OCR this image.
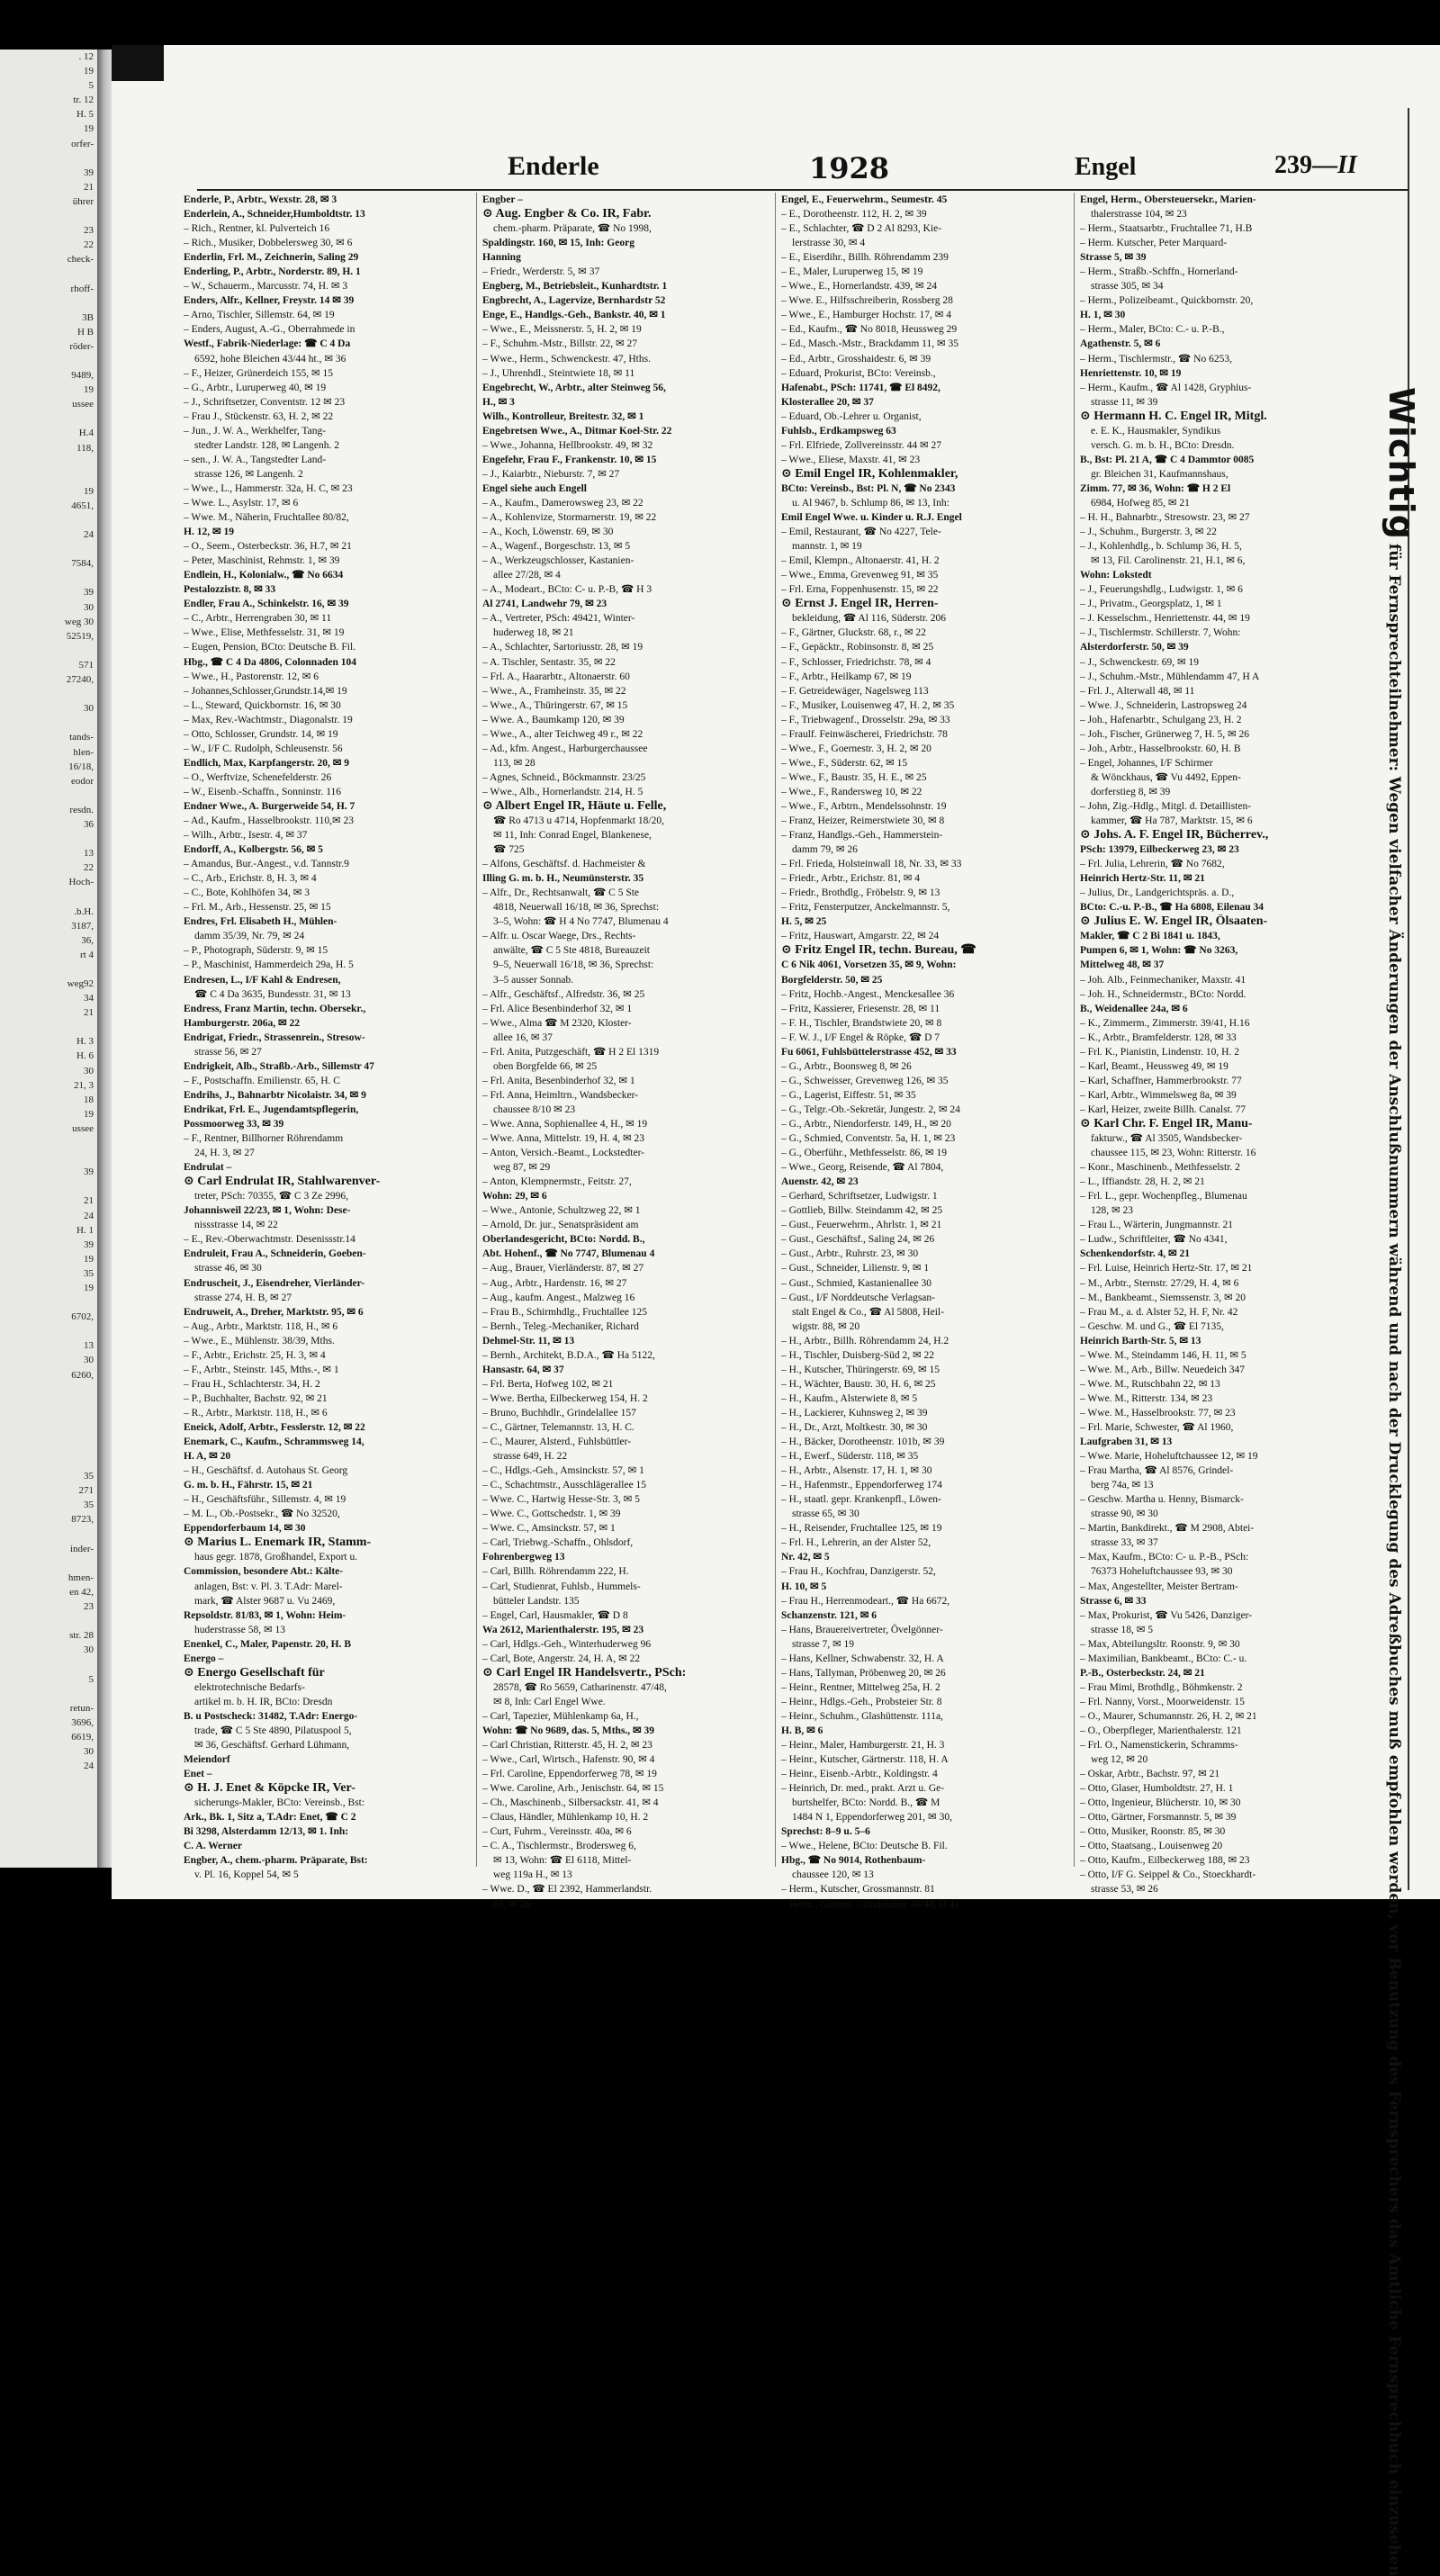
. 12
19
5
tr. 12
H. 5
19
orfer-

39
21
ührer

23
22
check-

rhoff-

3B
H B
röder-

9489,
19
ussee

H.4
118,

19
4651,

24

7584,

39
30
weg 30
52519,

571
27240,

30

tands-
hlen-
16/18,
eodor

resdn.
36

13
22
Hoch-

.b.H.
3187,
36,
rt 4

weg92
34
21

H. 3
H. 6
30
21, 3
18
19
ussee

39

21
24
H. 1
39
19
35
19

6702,

13
30
6260,

35
271
35
8723,

inder-

hmen-
en 42,
23

str. 28
30

5

retun-
3696,
6619,
30
24
Enderle	1928	Engel	239—II
Enderle, P., Arbtr., Wexstr. 28, ✉ 3
Enderlein, A., Schneider,Humboldtstr. 13
– Rich., Rentner, kl. Pulverteich 16
– Rich., Musiker, Dobbelersweg 30, ✉ 6
Enderlin, Frl. M., Zeichnerin, Saling 29
Enderling, P., Arbtr., Norderstr. 89, H. 1
– W., Schauerm., Marcusstr. 74, H. ✉ 3
Enders, Alfr., Kellner, Freystr. 14 ✉ 39
– Arno, Tischler, Sillemstr. 64, ✉ 19
– Enders, August, A.-G., Oberrahmede in
Westf., Fabrik-Niederlage: ☎ C 4 Da
6592, hohe Bleichen 43/44 ht., ✉ 36
– F., Heizer, Grünerdeich 155, ✉ 15
– G., Arbtr., Luruperweg 40, ✉ 19
– J., Schriftsetzer, Conventstr. 12 ✉ 23
– Frau J., Stückenstr. 63, H. 2, ✉ 22
– Jun., J. W. A., Werkhelfer, Tang-
stedter Landstr. 128, ✉ Langenh. 2
– sen., J. W. A., Tangstedter Land-
strasse 126, ✉ Langenh. 2
– Wwe., L., Hammerstr. 32a, H. C, ✉ 23
– Wwe. L., Asylstr. 17, ✉ 6
– Wwe. M., Näherin, Fruchtallee 80/82,
H. 12, ✉ 19
– O., Seem., Osterbeckstr. 36, H.7, ✉ 21
– Peter, Maschinist, Rehmstr. 1, ✉ 39
Endlein, H., Kolonialw., ☎ No 6634
Pestalozzistr. 8, ✉ 33
Endler, Frau A., Schinkelstr. 16, ✉ 39
– C., Arbtr., Herrengraben 30, ✉ 11
– Wwe., Elise, Methfesselstr. 31, ✉ 19
– Eugen, Pension, BCto: Deutsche B. Fil.
Hbg., ☎ C 4 Da 4806, Colonnaden 104
– Wwe., H., Pastorenstr. 12, ✉ 6
– Johannes,Schlosser,Grundstr.14,✉ 19
– L., Steward, Quickbornstr. 16, ✉ 30
– Max, Rev.-Wachtmstr., Diagonalstr. 19
– Otto, Schlosser, Grundstr. 14, ✉ 19
– W., I/F C. Rudolph, Schleusenstr. 56
Endlich, Max, Karpfangerstr. 20, ✉ 9
– O., Werftvize, Schenefelderstr. 26
– W., Eisenb.-Schaffn., Sonninstr. 116
Endner Wwe., A. Burgerweide 54, H. 7
– Ad., Kaufm., Hasselbrookstr. 110,✉ 23
– Wilh., Arbtr., Isestr. 4, ✉ 37
Endorff, A., Kolbergstr. 56, ✉ 5
– Amandus, Bur.-Angest., v.d. Tannstr.9
– C., Arb., Erichstr. 8, H. 3, ✉ 4
– C., Bote, Kohlhöfen 34, ✉ 3
– Frl. M., Arb., Hessenstr. 25, ✉ 15
Endres, Frl. Elisabeth H., Mühlen-
damm 35/39, Nr. 79, ✉ 24
– P., Photograph, Süderstr. 9, ✉ 15
– P., Maschinist, Hammerdeich 29a, H. 5
Endresen, L., I/F Kahl & Endresen,
☎ C 4 Da 3635, Bundesstr. 31, ✉ 13
Endress, Franz Martin, techn. Obersekr.,
Hamburgerstr. 206a, ✉ 22
Endrigat, Friedr., Strassenrein., Stresow-
strasse 56, ✉ 27
Endrigkeit, Alb., Straßb.-Arb., Sillemstr 47
– F., Postschaffn. Emilienstr. 65, H. C
Endrihs, J., Bahnarbtr Nicolaistr. 34, ✉ 9
Endrikat, Frl. E., Jugendamtspflegerin,
Possmoorweg 33, ✉ 39
– F., Rentner, Billhorner Röhrendamm
24, H. 3, ✉ 27
Endrulat –
⊙ Carl Endrulat IR, Stahlwarenver-
treter, PSch: 70355, ☎ C 3 Ze 2996,
Johannisweil 22/23, ✉ 1, Wohn: Dese-
nissstrasse 14, ✉ 22
– E., Rev.-Oberwachtmstr. Desenissstr.14
Endruleit, Frau A., Schneiderin, Goeben-
strasse 46, ✉ 30
Endruscheit, J., Eisendreher, Vierländer-
strasse 274, H. B, ✉ 27
Endruweit, A., Dreher, Marktstr. 95, ✉ 6
– Aug., Arbtr., Marktstr. 118, H., ✉ 6
– Wwe., E., Mühlenstr. 38/39, Mths.
– F., Arbtr., Erichstr. 25, H. 3, ✉ 4
– F., Arbtr., Steinstr. 145, Mths.-, ✉ 1
– Frau H., Schlachterstr. 34, H. 2
– P., Buchhalter, Bachstr. 92, ✉ 21
– R., Arbtr., Marktstr. 118, H., ✉ 6
Eneick, Adolf, Arbtr., Fesslerstr. 12, ✉ 22
Enemark, C., Kaufm., Schrammsweg 14,
H. A, ✉ 20
– H., Geschäftsf. d. Autohaus St. Georg
G. m. b. H., Fährstr. 15, ✉ 21
– H., Geschäftsführ., Sillemstr. 4, ✉ 19
– M. L., Ob.-Postsekr., ☎ No 32520,
Eppendorferbaum 14, ✉ 30
⊙ Marius L. Enemark IR, Stamm-
haus gegr. 1878, Großhandel, Export u.
Commission, besondere Abt.: Kälte-
anlagen, Bst: v. Pl. 3. T.Adr: Marel-
mark, ☎ Alster 9687 u. Vu 2469,
Repsoldstr. 81/83, ✉ 1, Wohn: Heim-
huderstrasse 58, ✉ 13
Enenkel, C., Maler, Papenstr. 20, H. B
Energo –
⊙ Energo Gesellschaft für
elektrotechnische Bedarfs-
artikel m. b. H. IR, BCto: Dresdn
B. u Postscheck: 31482, T.Adr: Energo-
trade, ☎ C 5 Ste 4890, Pilatuspool 5,
✉ 36, Geschäftsf. Gerhard Lühmann,
Meiendorf
Enet –
⊙ H. J. Enet & Köpcke IR, Ver-
sicherungs-Makler, BCto: Vereinsb., Bst:
Ark., Bk. 1, Sitz a, T.Adr: Enet, ☎ C 2
Bi 3298, Alsterdamm 12/13, ✉ 1. Inh:
C. A. Werner
Engber, A., chem.-pharm. Präparate, Bst:
v. Pl. 16, Koppel 54, ✉ 5
Engber –
⊙ Aug. Engber & Co. IR, Fabr.
chem.-pharm. Präparate, ☎ No 1998,
Spaldingstr. 160, ✉ 15, Inh: Georg
Hanning
– Friedr., Werderstr. 5, ✉ 37
Engberg, M., Betriebsleit., Kunhardtstr. 1
Engbrecht, A., Lagervize, Bernhardstr 52
Enge, E., Handlgs.-Geh., Bankstr. 40, ✉ 1
– Wwe., E., Meissnerstr. 5, H. 2, ✉ 19
– F., Schuhm.-Mstr., Billstr. 22, ✉ 27
– Wwe., Herm., Schwenckestr. 47, Hths.
– J., Uhrenhdl., Steintwiete 18, ✉ 11
Engebrecht, W., Arbtr., alter Steinweg 56,
H., ✉ 3
Wilh., Kontrolleur, Breitestr. 32, ✉ 1
Engebretsen Wwe., A., Ditmar Koel-Str. 22
– Wwe., Johanna, Hellbrookstr. 49, ✉ 32
Engefehr, Frau F., Frankenstr. 10, ✉ 15
– J., Kaiarbtr., Nieburstr. 7, ✉ 27
Engel siehe auch Engell
– A., Kaufm., Damerowsweg 23, ✉ 22
– A., Kohlenvize, Stormarnerstr. 19, ✉ 22
– A., Koch, Löwenstr. 69, ✉ 30
– A., Wagenf., Borgeschstr. 13, ✉ 5
– A., Werkzeugschlosser, Kastanien-
allee 27/28, ✉ 4
– A., Modeart., BCto: C- u. P.-B, ☎ H 3
Al 2741, Landwehr 79, ✉ 23
– A., Vertreter, PSch: 49421, Winter-
huderweg 18, ✉ 21
– A., Schlachter, Sartoriusstr. 28, ✉ 19
– A. Tischler, Sentastr. 35, ✉ 22
– Frl. A., Haararbtr., Altonaerstr. 60
– Wwe., A., Framheinstr. 35, ✉ 22
– Wwe., A., Thüringerstr. 67, ✉ 15
– Wwe. A., Baumkamp 120, ✉ 39
– Wwe., A., alter Teichweg 49 r., ✉ 22
– Ad., kfm. Angest., Harburgerchaussee
113, ✉ 28
– Agnes, Schneid., Böckmannstr. 23/25
– Wwe., Alb., Hornerlandstr. 214, H. 5
⊙ Albert Engel IR, Häute u. Felle,
☎ Ro 4713 u 4714, Hopfenmarkt 18/20,
✉ 11, Inh: Conrad Engel, Blankenese,
☎ 725
– Alfons, Geschäftsf. d. Hachmeister &
Illing G. m. b. H., Neumünsterstr. 35
– Alfr., Dr., Rechtsanwalt, ☎ C 5 Ste
4818, Neuerwall 16/18, ✉ 36, Sprechst:
3–5, Wohn: ☎ H 4 No 7747, Blumenau 4
– Alfr. u. Oscar Waege, Drs., Rechts-
anwälte, ☎ C 5 Ste 4818, Bureauzeit
9–5, Neuerwall 16/18, ✉ 36, Sprechst:
3–5 ausser Sonnab.
– Alfr., Geschäftsf., Alfredstr. 36, ✉ 25
– Frl. Alice Besenbinderhof 32, ✉ 1
– Wwe., Alma ☎ M 2320, Kloster-
allee 16, ✉ 37
– Frl. Anita, Putzgeschäft, ☎ H 2 El 1319
oben Borgfelde 66, ✉ 25
– Frl. Anita, Besenbinderhof 32, ✉ 1
– Frl. Anna, Heimltrn., Wandsbecker-
chaussee 8/10 ✉ 23
– Wwe. Anna, Sophienallee 4, H., ✉ 19
– Wwe. Anna, Mittelstr. 19, H. 4, ✉ 23
– Anton, Versich.-Beamt., Lockstedter-
weg 87, ✉ 29
– Anton, Klempnermstr., Feitstr. 27,
Wohn: 29, ✉ 6
– Wwe., Antonie, Schultzweg 22, ✉ 1
– Arnold, Dr. jur., Senatspräsident am
Oberlandesgericht, BCto: Nordd. B.,
Abt. Hohenf., ☎ No 7747, Blumenau 4
– Aug., Brauer, Vierländerstr. 87, ✉ 27
– Aug., Arbtr., Hardenstr. 16, ✉ 27
– Aug., kaufm. Angest., Malzweg 16
– Frau B., Schirmhdlg., Fruchtallee 125
– Bernh., Teleg.-Mechaniker, Richard
Dehmel-Str. 11, ✉ 13
– Bernh., Architekt, B.D.A., ☎ Ha 5122,
Hansastr. 64, ✉ 37
– Frl. Berta, Hofweg 102, ✉ 21
– Wwe. Bertha, Eilbeckerweg 154, H. 2
– Bruno, Buchhdlr., Grindelallee 157
– C., Gärtner, Telemannstr. 13, H. C.
– C., Maurer, Alsterd., Fuhlsbüttler-
strasse 649, H. 22
– C., Hdlgs.-Geh., Amsinckstr. 57, ✉ 1
– C., Schachtmstr., Ausschlägerallee 15
– Wwe. C., Hartwig Hesse-Str. 3, ✉ 5
– Wwe. C., Gottschedstr. 1, ✉ 39
– Wwe. C., Amsinckstr. 57, ✉ 1
– Carl, Triebwg.-Schaffn., Ohlsdorf,
Fohrenbergweg 13
– Carl, Billh. Röhrendamm 222, H.
– Carl, Studienrat, Fuhlsb., Hummels-
bütteler Landstr. 135
– Engel, Carl, Hausmakler, ☎ D 8
Wa 2612, Marienthalerstr. 195, ✉ 23
– Carl, Hdlgs.-Geh., Winterhuderweg 96
– Carl, Bote, Angerstr. 24, H. A, ✉ 22
⊙ Carl Engel IR Handelsvertr., PSch:
28578, ☎ Ro 5659, Catharinenstr. 47/48,
✉ 8, Inh: Carl Engel Wwe.
– Carl, Tapezier, Mühlenkamp 6a, H.,
Wohn: ☎ No 9689, das. 5, Mths., ✉ 39
– Carl Christian, Ritterstr. 45, H. 2, ✉ 23
– Wwe., Carl, Wirtsch., Hafenstr. 90, ✉ 4
– Frl. Caroline, Eppendorferweg 78, ✉ 19
– Wwe. Caroline, Arb., Jenischstr. 64, ✉ 15
– Ch., Maschinenb., Silbersackstr. 41, ✉ 4
– Claus, Händler, Mühlenkamp 10, H. 2
– Curt, Fuhrm., Vereinsstr. 40a, ✉ 6
– C. A., Tischlermstr., Brodersweg 6,
✉ 13, Wohn: ☎ El 6118, Mittel-
weg 119a H., ✉ 13
– Wwe. D., ☎ El 2392, Hammerlandstr.
63, ✉ 26
Engel, E., Feuerwehrm., Seumestr. 45
– E., Dorotheenstr. 112, H. 2, ✉ 39
– E., Schlachter, ☎ D 2 Al 8293, Kie-
lerstrasse 30, ✉ 4
– E., Eiserdihr., Billh. Röhrendamm 239
– E., Maler, Luruperweg 15, ✉ 19
– Wwe., E., Hornerlandstr. 439, ✉ 24
– Wwe. E., Hilfsschreiberin, Rossberg 28
– Wwe., E., Hamburger Hochstr. 17, ✉ 4
– Ed., Kaufm., ☎ No 8018, Heussweg 29
– Ed., Masch.-Mstr., Brackdamm 11, ✉ 35
– Ed., Arbtr., Grosshaidestr. 6, ✉ 39
– Eduard, Prokurist, BCto: Vereinsb.,
Hafenabt., PSch: 11741, ☎ El 8492,
Klosterallee 20, ✉ 37
– Eduard, Ob.-Lehrer u. Organist,
Fuhlsb., Erdkampsweg 63
– Frl. Elfriede, Zollvereinsstr. 44 ✉ 27
– Wwe., Eliese, Maxstr. 41, ✉ 23
⊙ Emil Engel IR, Kohlenmakler,
BCto: Vereinsb., Bst: Pl. N, ☎ No 2343
u. Al 9467, b. Schlump 86, ✉ 13, Inh:
Emil Engel Wwe. u. Kinder u. R.J. Engel
– Emil, Restaurant, ☎ No 4227, Tele-
mannstr. 1, ✉ 19
– Emil, Klempn., Altonaerstr. 41, H. 2
– Wwe., Emma, Grevenweg 91, ✉ 35
– Frl. Erna, Foppenhusenstr. 15, ✉ 22
⊙ Ernst J. Engel IR, Herren-
bekleidung, ☎ Al 116, Süderstr. 206
– F., Gärtner, Gluckstr. 68, r., ✉ 22
– F., Gepäcktr., Robinsonstr. 8, ✉ 25
– F., Schlosser, Friedrichstr. 78, ✉ 4
– F., Arbtr., Heilkamp 67, ✉ 19
– F. Getreidewäger, Nagelsweg 113
– F., Musiker, Louisenweg 47, H. 2, ✉ 35
– F., Triebwagenf., Drosselstr. 29a, ✉ 33
– Fraulf. Feinwäscherei, Friedrichstr. 78
– Wwe., F., Goernestr. 3, H. 2, ✉ 20
– Wwe., F., Süderstr. 62, ✉ 15
– Wwe., F., Baustr. 35, H. E., ✉ 25
– Wwe., F., Randersweg 10, ✉ 22
– Wwe., F., Arbtrn., Mendelssohnstr. 19
– Franz, Heizer, Reimerstwiete 30, ✉ 8
– Franz, Handlgs.-Geh., Hammerstein-
damm 79, ✉ 26
– Frl. Frieda, Holsteinwall 18, Nr. 33, ✉ 33
– Friedr., Arbtr., Erichstr. 81, ✉ 4
– Friedr., Brothdlg., Fröbelstr. 9, ✉ 13
– Fritz, Fensterputzer, Anckelmannstr. 5,
H. 5, ✉ 25
– Fritz, Hauswart, Amgarstr. 22, ✉ 24
⊙ Fritz Engel IR, techn. Bureau, ☎
C 6 Nik 4061, Vorsetzen 35, ✉ 9, Wohn:
Borgfelderstr. 50, ✉ 25
– Fritz, Hochb.-Angest., Menckesallee 36
– Fritz, Kassierer, Friesenstr. 28, ✉ 11
– F. H., Tischler, Brandstwiete 20, ✉ 8
– F. W. J., I/F Engel & Röpke, ☎ D 7
Fu 6061, Fuhlsbüttelerstrasse 452, ✉ 33
– G., Arbtr., Boonsweg 8, ✉ 26
– G., Schweisser, Grevenweg 126, ✉ 35
– G., Lagerist, Eiffestr. 51, ✉ 35
– G., Telgr.-Ob.-Sekretär, Jungestr. 2, ✉ 24
– G., Arbtr., Niendorferstr. 149, H., ✉ 20
– G., Schmied, Conventstr. 5a, H. 1, ✉ 23
– G., Oberführ., Methfesselstr. 86, ✉ 19
– Wwe., Georg, Reisende, ☎ Al 7804,
Auenstr. 42, ✉ 23
– Gerhard, Schriftsetzer, Ludwigstr. 1
– Gottlieb, Billw. Steindamm 42, ✉ 25
– Gust., Feuerwehrm., Ahrlstr. 1, ✉ 21
– Gust., Geschäftsf., Saling 24, ✉ 26
– Gust., Arbtr., Ruhrstr. 23, ✉ 30
– Gust., Schneider, Lilienstr. 9, ✉ 1
– Gust., Schmied, Kastanienallee 30
– Gust., I/F Norddeutsche Verlagsan-
stalt Engel & Co., ☎ Al 5808, Heil-
wigstr. 88, ✉ 20
– H., Arbtr., Billh. Röhrendamm 24, H.2
– H., Tischler, Duisberg-Süd 2, ✉ 22
– H., Kutscher, Thüringerstr. 69, ✉ 15
– H., Wächter, Baustr. 30, H. 6, ✉ 25
– H., Kaufm., Alsterwiete 8, ✉ 5
– H., Lackierer, Kuhnsweg 2, ✉ 39
– H., Dr., Arzt, Moltkestr. 30, ✉ 30
– H., Bäcker, Dorotheenstr. 101b, ✉ 39
– H., Ewerf., Süderstr. 118, ✉ 35
– H., Arbtr., Alsenstr. 17, H. 1, ✉ 30
– H., Hafenmstr., Eppendorferweg 174
– H., staatl. gepr. Krankenpfl., Löwen-
strasse 65, ✉ 30
– H., Reisender, Fruchtallee 125, ✉ 19
– Frl. H., Lehrerin, an der Alster 52,
Nr. 42, ✉ 5
– Frau H., Kochfrau, Danzigerstr. 52,
H. 10, ✉ 5
– Frau H., Herrenmodeart., ☎ Ha 6672,
Schanzenstr. 121, ✉ 6
– Hans, Brauereivertreter, Övelgönner-
strasse 7, ✉ 19
– Hans, Kellner, Schwabenstr. 32, H. A
– Hans, Tallyman, Pröbenweg 20, ✉ 26
– Heinr., Rentner, Mittelweg 25a, H. 2
– Heinr., Hdlgs.-Geh., Probsteier Str. 8
– Heinr., Schuhm., Glashüttenstr. 111a,
H. B, ✉ 6
– Heinr., Maler, Hamburgerstr. 21, H. 3
– Heinr., Kutscher, Gärtnerstr. 118, H. A
– Heinr., Eisenb.-Arbtr., Koldingstr. 4
– Heinrich, Dr. med., prakt. Arzt u. Ge-
burtshelfer, BCto: Nordd. B., ☎ M
1484 N 1, Eppendorferweg 201, ✉ 30,
Sprechst: 8–9 u. 5–6
– Wwe., Helene, BCto: Deutsche B. Fil.
Hbg., ☎ No 9014, Rothenbaum-
chaussee 120, ✉ 13
– Herm., Kutscher, Grossmannstr. 81
– Herm., Gärtner, Grindelallee 46/48, H.4a
Engel, Herm., Obersteuersekr., Marien-
thalerstrasse 104, ✉ 23
– Herm., Staatsarbtr., Fruchtallee 71, H.B
– Herm. Kutscher, Peter Marquard-
Strasse 5, ✉ 39
– Herm., Straßb.-Schffn., Hornerland-
strasse 305, ✉ 34
– Herm., Polizeibeamt., Quickbornstr. 20,
H. 1, ✉ 30
– Herm., Maler, BCto: C.- u. P.-B.,
Agathenstr. 5, ✉ 6
– Herm., Tischlermstr., ☎ No 6253,
Henriettenstr. 10, ✉ 19
– Herm., Kaufm., ☎ Al 1428, Gryphius-
strasse 11, ✉ 39
⊙ Hermann H. C. Engel IR, Mitgl.
e. E. K., Hausmakler, Syndikus
versch. G. m. b. H., BCto: Dresdn.
B., Bst: Pl. 21 A, ☎ C 4 Dammtor 0085
gr. Bleichen 31, Kaufmannshaus,
Zimm. 77, ✉ 36, Wohn: ☎ H 2 El
6984, Hofweg 85, ✉ 21
– H. H., Bahnarbtr., Stresowstr. 23, ✉ 27
– J., Schuhm., Burgerstr. 3, ✉ 22
– J., Kohlenhdlg., b. Schlump 36, H. 5,
✉ 13, Fil. Carolinenstr. 21, H.1, ✉ 6,
Wohn: Lokstedt
– J., Feuerungshdlg., Ludwigstr. 1, ✉ 6
– J., Privatm., Georgsplatz, 1, ✉ 1
– J. Kesselschm., Henriettenstr. 44, ✉ 19
– J., Tischlermstr. Schillerstr. 7, Wohn:
Alsterdorferstr. 50, ✉ 39
– J., Schwenckestr. 69, ✉ 19
– J., Schuhm.-Mstr., Mühlendamm 47, H A
– Frl. J., Alterwall 48, ✉ 11
– Wwe. J., Schneiderin, Lastropsweg 24
– Joh., Hafenarbtr., Schulgang 23, H. 2
– Joh., Fischer, Grünerweg 7, H. 5, ✉ 26
– Joh., Arbtr., Hasselbrookstr. 60, H. B
– Engel, Johannes, I/F Schirmer
& Wönckhaus, ☎ Vu 4492, Eppen-
dorferstieg 8, ✉ 39
– John, Zig.-Hdlg., Mitgl. d. Detaillisten-
kammer, ☎ Ha 787, Marktstr. 15, ✉ 6
⊙ Johs. A. F. Engel IR, Bücherrev.,
PSch: 13979, Eilbeckerweg 23, ✉ 23
– Frl. Julia, Lehrerin, ☎ No 7682,
Heinrich Hertz-Str. 11, ✉ 21
– Julius, Dr., Landgerichtspräs. a. D.,
BCto: C.-u. P.-B., ☎ Ha 6808, Eilenau 34
⊙ Julius E. W. Engel IR, Ölsaaten-
Makler, ☎ C 2 Bi 1841 u. 1843,
Pumpen 6, ✉ 1, Wohn: ☎ No 3263,
Mittelweg 48, ✉ 37
– Joh. Alb., Feinmechaniker, Maxstr. 41
– Joh. H., Schneidermstr., BCto: Nordd.
B., Weidenallee 24a, ✉ 6
– K., Zimmerm., Zimmerstr. 39/41, H.16
– K., Arbtr., Bramfelderstr. 128, ✉ 33
– Frl. K., Pianistin, Lindenstr. 10, H. 2
– Karl, Beamt., Heussweg 49, ✉ 19
– Karl, Schaffner, Hammerbrookstr. 77
– Karl, Arbtr., Wimmelsweg 8a, ✉ 39
– Karl, Heizer, zweite Billh. Canalst. 77
⊙ Karl Chr. F. Engel IR, Manu-
fakturw., ☎ Al 3505, Wandsbecker-
chaussee 115, ✉ 23, Wohn: Ritterstr. 16
– Konr., Maschinenb., Methfesselstr. 2
– L., Iffiandstr. 28, H. 2, ✉ 21
– Frl. L., gepr. Wochenpfleg., Blumenau
128, ✉ 23
– Frau L., Wärterin, Jungmannstr. 21
– Ludw., Schriftleiter, ☎ No 4341,
Schenkendorfstr. 4, ✉ 21
– Frl. Luise, Heinrich Hertz-Str. 17, ✉ 21
– M., Arbtr., Sternstr. 27/29, H. 4, ✉ 6
– M., Bankbeamt., Siemssenstr. 3, ✉ 20
– Frau M., a. d. Alster 52, H. F, Nr. 42
– Geschw. M. und G., ☎ El 7135,
Heinrich Barth-Str. 5, ✉ 13
– Wwe. M., Steindamm 146, H. 11, ✉ 5
– Wwe. M., Arb., Billw. Neuedeich 347
– Wwe. M., Rutschbahn 22, ✉ 13
– Wwe. M., Ritterstr. 134, ✉ 23
– Wwe. M., Hasselbrookstr. 77, ✉ 23
– Frl. Marie, Schwester, ☎ Al 1960,
Laufgraben 31, ✉ 13
– Wwe. Marie, Hoheluftchaussee 12, ✉ 19
– Frau Martha, ☎ Al 8576, Grindel-
berg 74a, ✉ 13
– Geschw. Martha u. Henny, Bismarck-
strasse 90, ✉ 30
– Martin, Bankdirekt., ☎ M 2908, Abtei-
strasse 33, ✉ 37
– Max, Kaufm., BCto: C- u. P.-B., PSch:
76373 Hoheluftchaussee 93, ✉ 30
– Max, Angestellter, Meister Bertram-
Strasse 6, ✉ 33
– Max, Prokurist, ☎ Vu 5426, Danziger-
strasse 18, ✉ 5
– Max, Abteilungsltr. Roonstr. 9, ✉ 30
– Maximilian, Bankbeamt., BCto: C.- u.
P.-B., Osterbeckstr. 24, ✉ 21
– Frau Mimi, Brothdlg., Böhmkenstr. 2
– Frl. Nanny, Vorst., Moorweidenstr. 15
– O., Maurer, Schumannstr. 26, H. 2, ✉ 21
– O., Oberpfleger, Marienthalerstr. 121
– Frl. O., Namenstickerin, Schramms-
weg 12, ✉ 20
– Oskar, Arbtr., Bachstr. 97, ✉ 21
– Otto, Glaser, Humboldtstr. 27, H. 1
– Otto, Ingenieur, Blücherstr. 10, ✉ 30
– Otto, Gärtner, Forsmannstr. 5, ✉ 39
– Otto, Musiker, Roonstr. 85, ✉ 30
– Otto, Staatsang., Louisenweg 20
– Otto, Kaufm., Eilbeckerweg 188, ✉ 23
– Otto, I/F G. Seippel & Co., Stoeckhardt-
strasse 53, ✉ 26
Wichtig für Fernsprechteilnehmer: Wegen vielfacher Änderungen der Anschlußnummern während und nach der Drucklegung des Adreßbuches muß empfohlen werden, vor Benutzung des Fernsprechers das Amtliche Fernsprechbuch einzusehen
